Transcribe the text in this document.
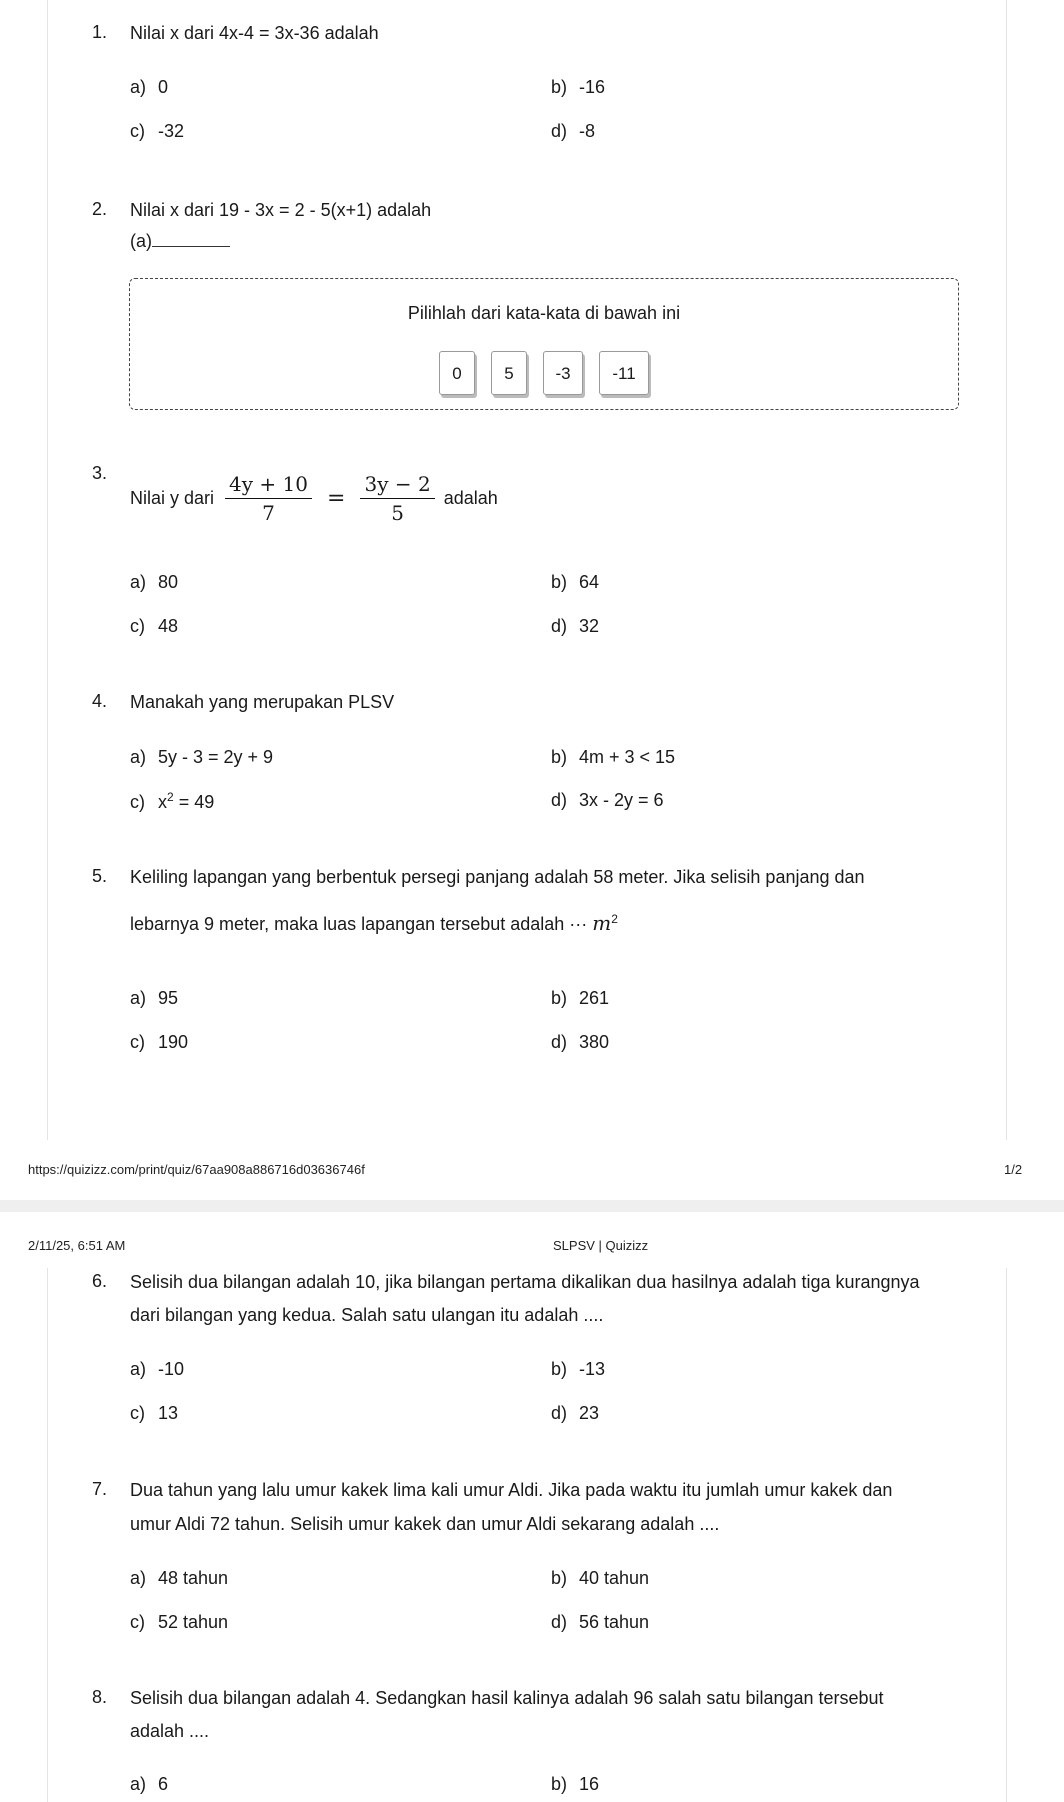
1. Nilai x dari 4x-4 = 3x-36 adalah
a) 0	b) -16
c) -32	d) -8
2. Nilai x dari 19 - 3x = 2 - 5(x+1) adalah
(a)
Pilihlah dari kata-kata di bawah ini
0	5 -3 -11
3.
Nilai y dari $\frac{4y + 10}{7} = \frac{3y - 2}{5}$ adalah
a) 80	b) 64
c) 48	d) 32
4. Manakah yang merupakan PLSV
a) 5y - 3 = 2y + 9	b) 4m + 3 < 15
c) $x^2 = 49$	d) 3x - 2y = 6
5. Keliling lapangan yang berbentuk persegi panjang adalah 58 meter. Jika selisih panjang dan
lebarnya 9 meter, maka luas lapangan tersebut adalah ··· $m^2$
a) 95	b) 261
c) 190	d) 380
https://quizizz.com/print/quiz/67aa908a886716d03636746f	1/2
2/11/25, 6:51 AM	SLPSV | Quizizz
6. Selisih dua bilangan adalah 10, jika bilangan pertama dikalikan dua hasilnya adalah tiga kurangnya
dari bilangan yang kedua. Salah satu ulangan itu adalah ....
a) -10	b) -13
c) 13	d) 23
7. Dua tahun yang lalu umur kakek lima kali umur Aldi. Jika pada waktu itu jumlah umur kakek dan
umur Aldi 72 tahun. Selisih umur kakek dan umur Aldi sekarang adalah ....
a) 48 tahun	b) 40 tahun
c) 52 tahun	d) 56 tahun
8. Selisih dua bilangan adalah 4. Sedangkan hasil kalinya adalah 96 salah satu bilangan tersebut
adalah ....
a) 6	b) 16
